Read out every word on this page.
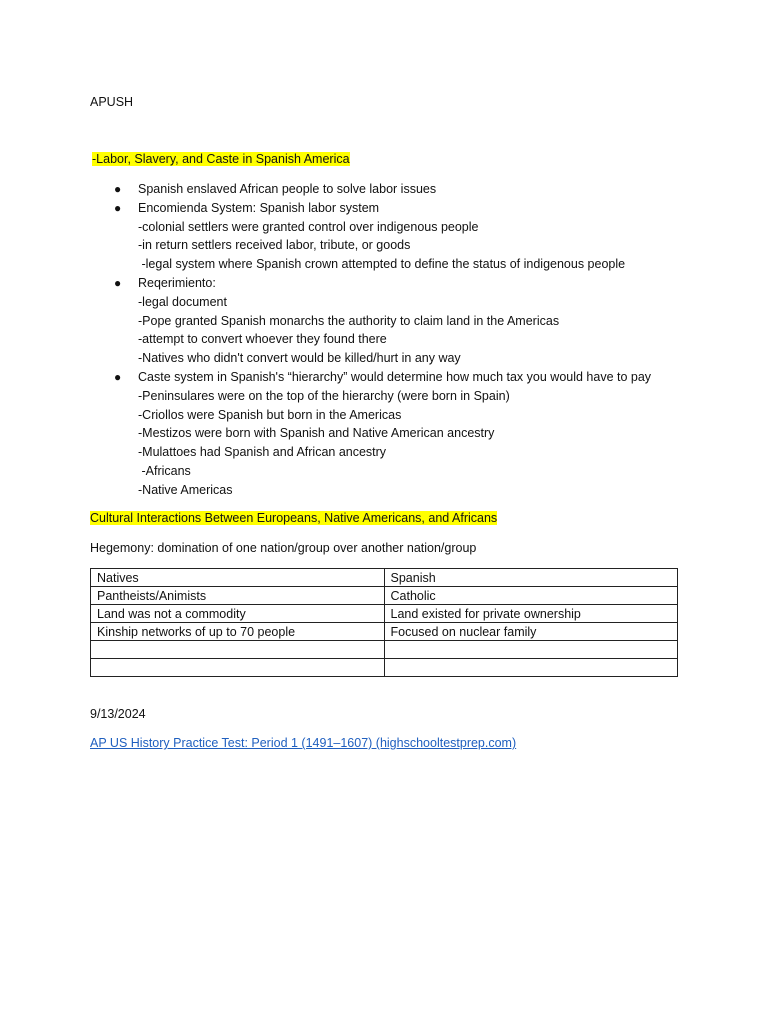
APUSH
-Labor, Slavery, and Caste in Spanish America
● Spanish enslaved African people to solve labor issues
● Encomienda System: Spanish labor system
-colonial settlers were granted control over indigenous people
-in return settlers received labor, tribute, or goods
-legal system where Spanish crown attempted to define the status of indigenous people
● Reqerimiento:
-legal document
-Pope granted Spanish monarchs the authority to claim land in the Americas
-attempt to convert whoever they found there
-Natives who didn't convert would be killed/hurt in any way
● Caste system in Spanish's “hierarchy” would determine how much tax you would have to pay
-Peninsulares were on the top of the hierarchy (were born in Spain)
-Criollos were Spanish but born in the Americas
-Mestizos were born with Spanish and Native American ancestry
-Mulattoes had Spanish and African ancestry
-Africans
-Native Americas
Cultural Interactions Between Europeans, Native Americans, and Africans
Hegemony: domination of one nation/group over another nation/group
Natives	Spanish
Pantheists/Animists	Catholic
Land was not a commodity	Land existed for private ownership
Kinship networks of up to 70 people	Focused on nuclear family

9/13/2024
AP US History Practice Test: Period 1 (1491–1607) (highschooltestprep.com)
